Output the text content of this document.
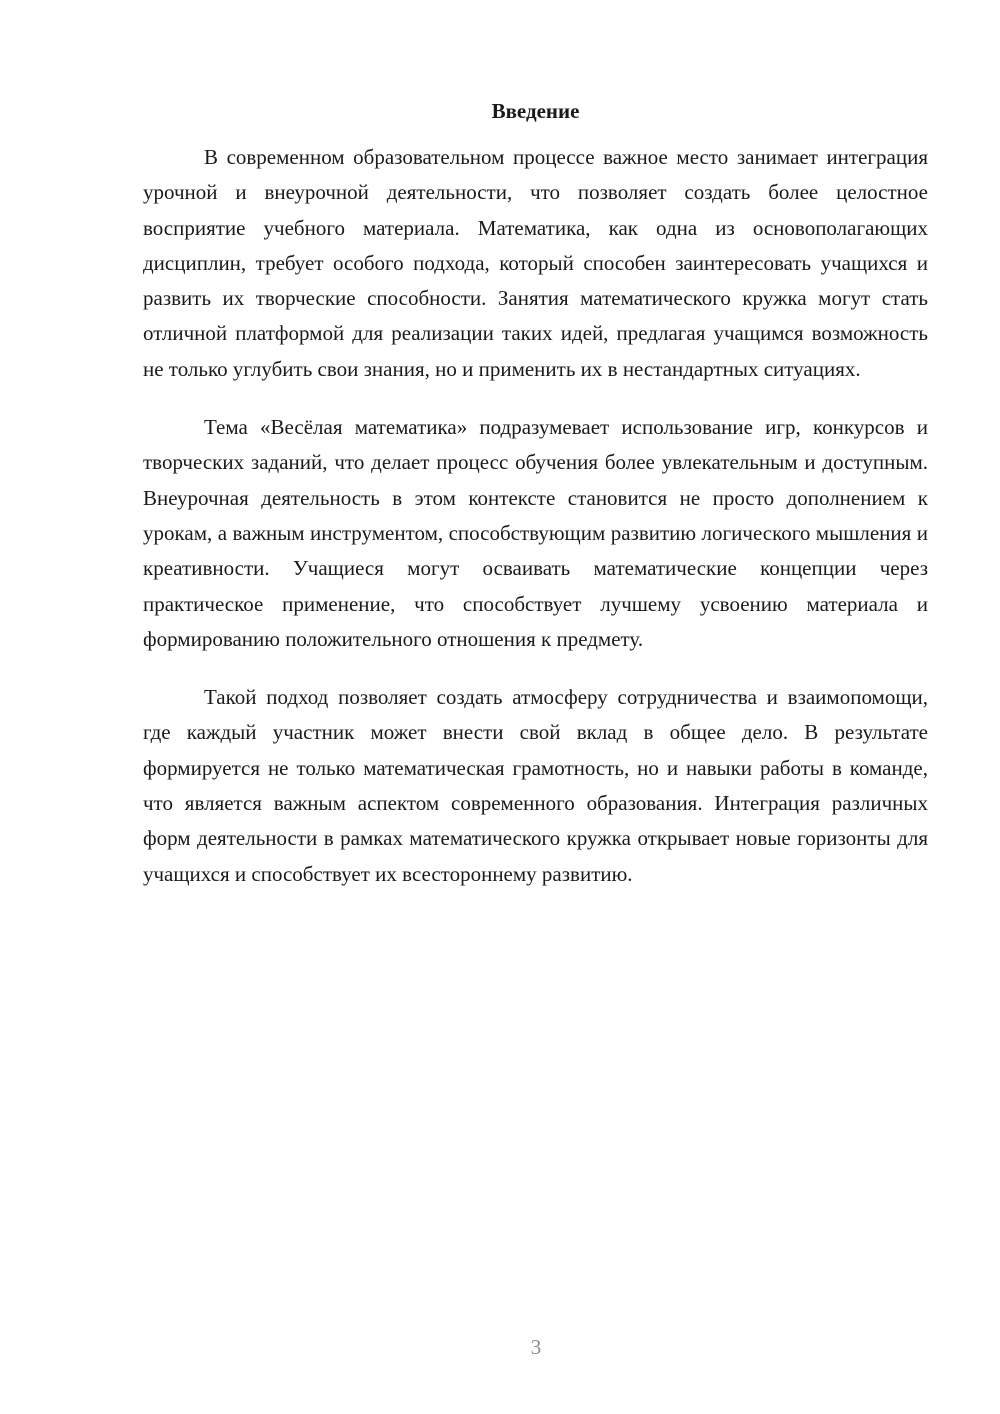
Введение

В современном образовательном процессе важное место занимает интеграция урочной и внеурочной деятельности, что позволяет создать более целостное восприятие учебного материала. Математика, как одна из основополагающих дисциплин, требует особого подхода, который способен заинтересовать учащихся и развить их творческие способности. Занятия математического кружка могут стать отличной платформой для реализации таких идей, предлагая учащимся возможность не только углубить свои знания, но и применить их в нестандартных ситуациях.

Тема «Весёлая математика» подразумевает использование игр, конкурсов и творческих заданий, что делает процесс обучения более увлекательным и доступным. Внеурочная деятельность в этом контексте становится не просто дополнением к урокам, а важным инструментом, способствующим развитию логического мышления и креативности. Учащиеся могут осваивать математические концепции через практическое применение, что способствует лучшему усвоению материала и формированию положительного отношения к предмету.

Такой подход позволяет создать атмосферу сотрудничества и взаимопомощи, где каждый участник может внести свой вклад в общее дело. В результате формируется не только математическая грамотность, но и навыки работы в команде, что является важным аспектом современного образования. Интеграция различных форм деятельности в рамках математического кружка открывает новые горизонты для учащихся и способствует их всестороннему развитию.

3
